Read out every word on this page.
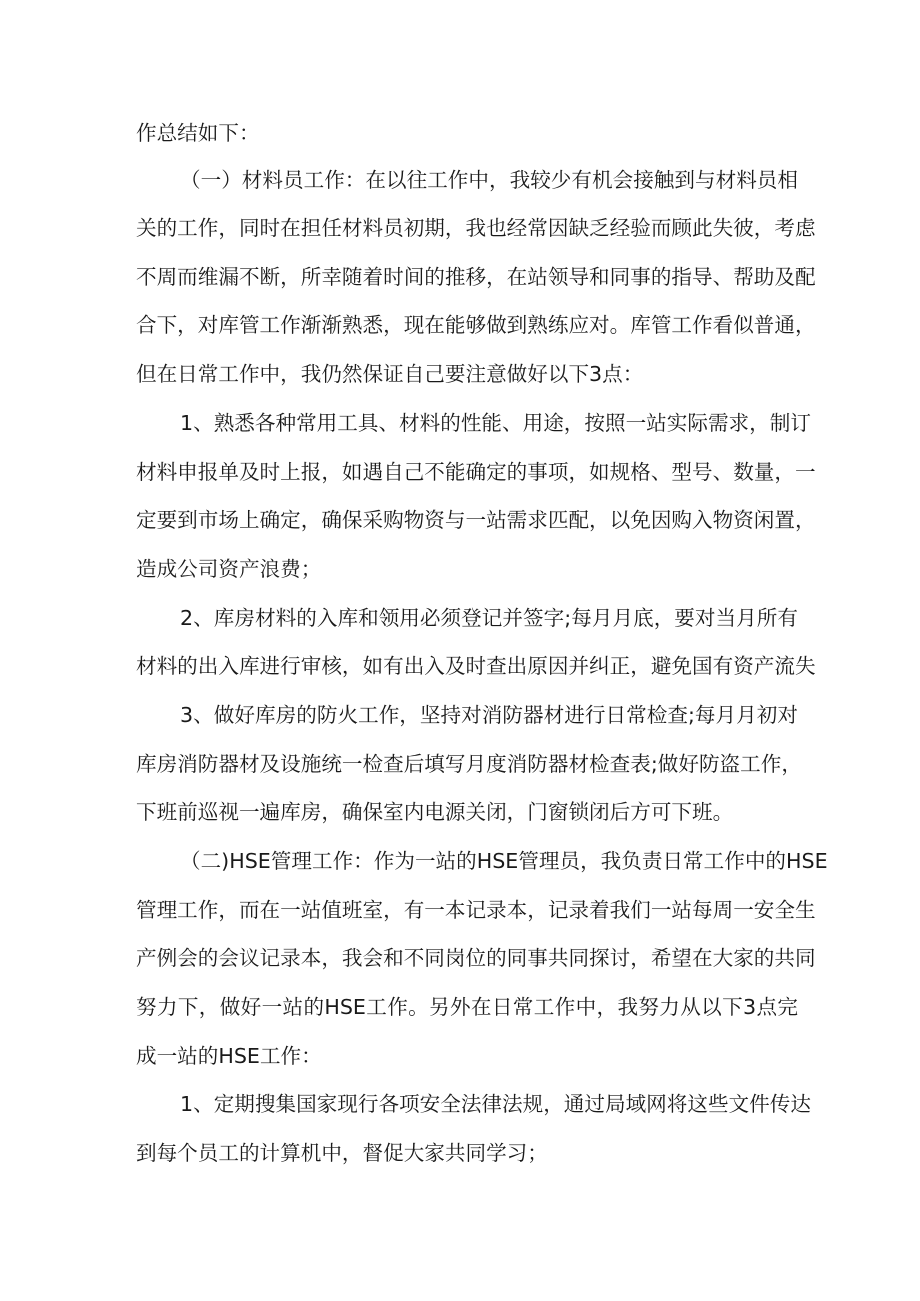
作总结如下：
（一）材料员工作：在以往工作中，我较少有机会接触到与材料员相
关的工作，同时在担任材料员初期，我也经常因缺乏经验而顾此失彼，考虑
不周而维漏不断，所幸随着时间的推移，在站领导和同事的指导、帮助及配
合下，对库管工作渐渐熟悉，现在能够做到熟练应对。库管工作看似普通，
但在日常工作中，我仍然保证自己要注意做好以下3点：
1、熟悉各种常用工具、材料的性能、用途，按照一站实际需求，制订
材料申报单及时上报，如遇自己不能确定的事项，如规格、型号、数量，一
定要到市场上确定，确保采购物资与一站需求匹配，以免因购入物资闲置，
造成公司资产浪费；
2、库房材料的入库和领用必须登记并签字;每月月底，要对当月所有
材料的出入库进行审核，如有出入及时查出原因并纠正，避免国有资产流失
3、做好库房的防火工作，坚持对消防器材进行日常检查;每月月初对
库房消防器材及设施统一检查后填写月度消防器材检查表;做好防盗工作，
下班前巡视一遍库房，确保室内电源关闭，门窗锁闭后方可下班。
（二)HSE管理工作：作为一站的HSE管理员，我负责日常工作中的HSE
管理工作，而在一站值班室，有一本记录本，记录着我们一站每周一安全生
产例会的会议记录本，我会和不同岗位的同事共同探讨，希望在大家的共同
努力下，做好一站的HSE工作。另外在日常工作中，我努力从以下3点完
成一站的HSE工作：
1、定期搜集国家现行各项安全法律法规，通过局域网将这些文件传达
到每个员工的计算机中，督促大家共同学习；
